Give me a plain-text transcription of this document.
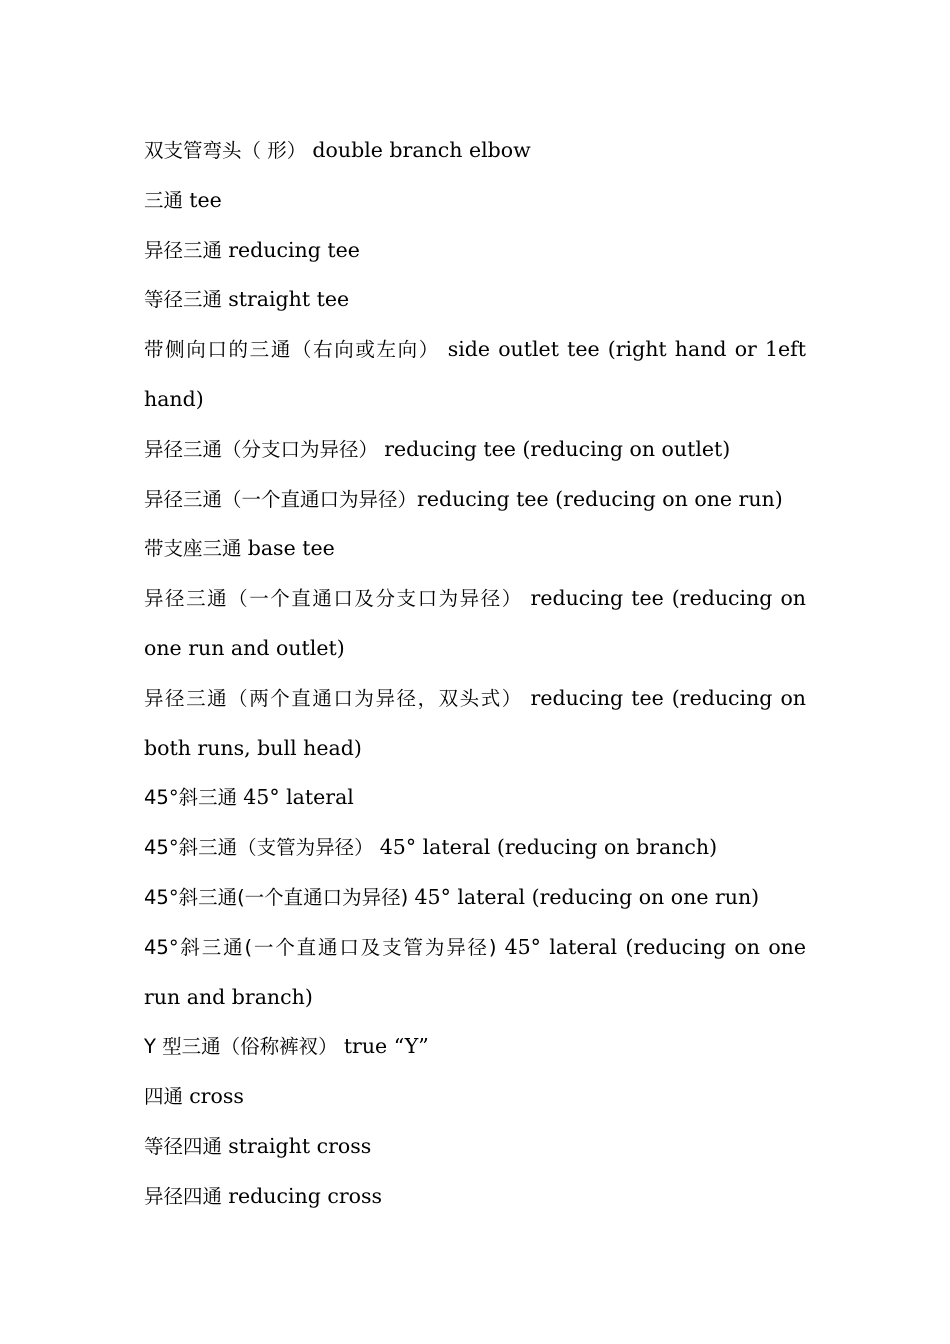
双支管弯头（ 形） double branch elbow

三通 tee

异径三通 reducing tee

等径三通 straight tee

带侧向口的三通（右向或左向） side outlet tee (right hand or 1eft hand)

异径三通（分支口为异径） reducing tee (reducing on outlet)

异径三通（一个直通口为异径）reducing tee (reducing on one run)

带支座三通 base tee

异径三通（一个直通口及分支口为异径） reducing tee (reducing on one run and outlet)

异径三通（两个直通口为异径，双头式） reducing tee (reducing on both runs, bull head)

45°斜三通 45° lateral

45°斜三通（支管为异径） 45° lateral (reducing on branch)

45°斜三通(一个直通口为异径) 45° lateral (reducing on one run)

45°斜三通(一个直通口及支管为异径) 45° lateral (reducing on one run and branch)

Y 型三通（俗称裤衩） true “Y”

四通 cross

等径四通 straight cross

异径四通 reducing cross
